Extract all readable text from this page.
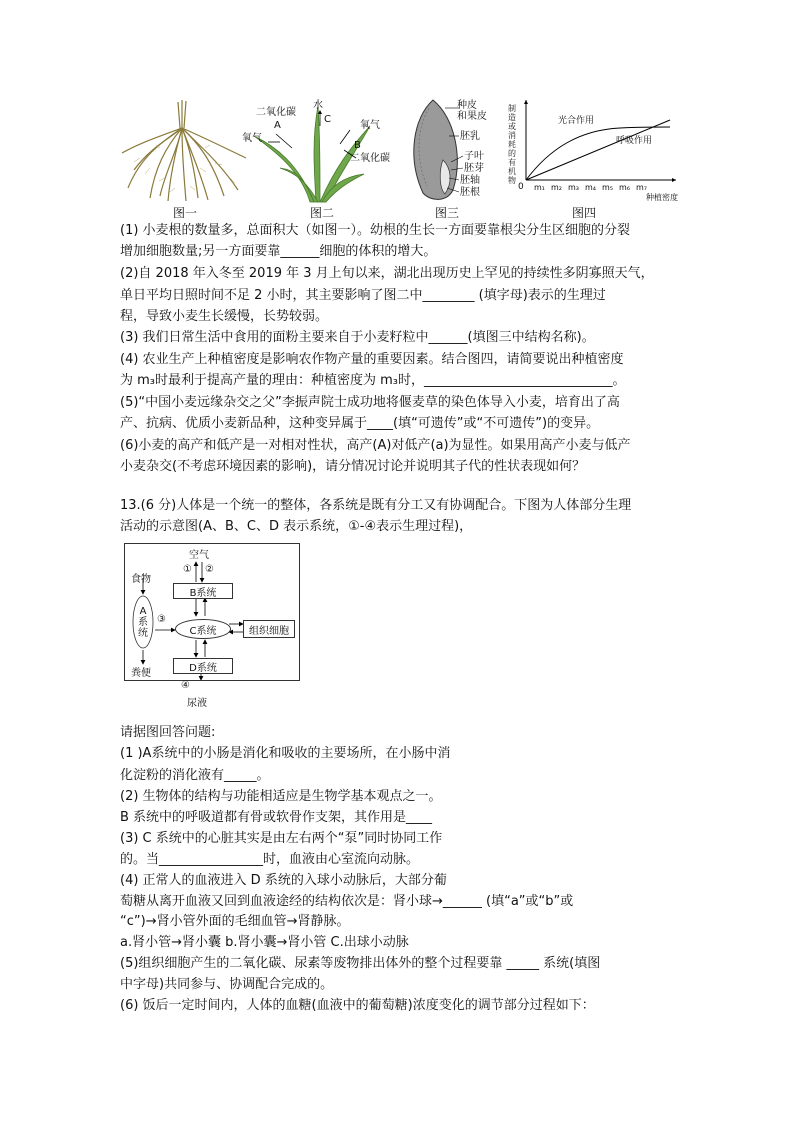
图一
水
C
二氧化碳
A
氧气
氧气
B
二氧化碳
图二
种皮
和果皮
胚乳
子叶
胚芽
胚轴
胚根
图三
制造或消耗的有机物
光合作用
呼吸作用
0 m₁ m₂ m₃ m₄ m₅ m₆ m₇
种植密度
图四
(1) 小麦根的数量多，总面积大（如图一）。幼根的生长一方面要靠根尖分生区细胞的分裂
增加细胞数量;另一方面要靠______细胞的体积的增大。
(2)自 2018 年入冬至 2019 年 3 月上旬以来，湖北出现历史上罕见的持续性多阴寡照天气，
单日平均日照时间不足 2 小时，其主要影响了图二中________ (填字母)表示的生理过
程，导致小麦生长缓慢，长势较弱。
(3) 我们日常生活中食用的面粉主要来自于小麦籽粒中______(填图三中结构名称)。
(4) 农业生产上种植密度是影响农作物产量的重要因素。结合图四，请简要说出种植密度
为 m₃时最利于提高产量的理由：种植密度为 m₃时，_____________________________。
(5)“中国小麦远缘杂交之父”李振声院士成功地将偃麦草的染色体导入小麦，培育出了高
产、抗病、优质小麦新品种，这种变异属于____(填“可遗传”或“不可遗传”)的变异。
(6)小麦的高产和低产是一对相对性状，高产(A)对低产(a)为显性。如果用高产小麦与低产
小麦杂交(不考虑环境因素的影响)，请分情况讨论并说明其子代的性状表现如何？
13.(6 分)人体是一个统一的整体，各系统是既有分工又有协调配合。下图为人体部分生理
活动的示意图(A、B、C、D 表示系统，①-④表示生理过程)，
空气
① ②
食物
B系统
③
A
系
统	C系统	组织细胞
D系统
粪便
④
尿液
请据图回答问题:
(1 )A系统中的小肠是消化和吸收的主要场所，在小肠中消
化淀粉的消化液有_____。
(2) 生物体的结构与功能相适应是生物学基本观点之一。
B 系统中的呼吸道都有骨或软骨作支架，其作用是____
(3) C 系统中的心脏其实是由左右两个“泵”同时协同工作
的。当________________时，血液由心室流向动脉。
(4) 正常人的血液进入 D 系统的入球小动脉后，大部分葡
萄糖从离开血液又回到血液途经的结构依次是：肾小球→______ (填“a”或“b”或
“c”)→肾小管外面的毛细血管→肾静脉。
a.肾小管→肾小囊 b.肾小囊→肾小管 C.出球小动脉
(5)组织细胞产生的二氧化碳、尿素等废物排出体外的整个过程要靠 _____ 系统(填图
中字母)共同参与、协调配合完成的。
(6) 饭后一定时间内，人体的血糖(血液中的葡萄糖)浓度变化的调节部分过程如下：
